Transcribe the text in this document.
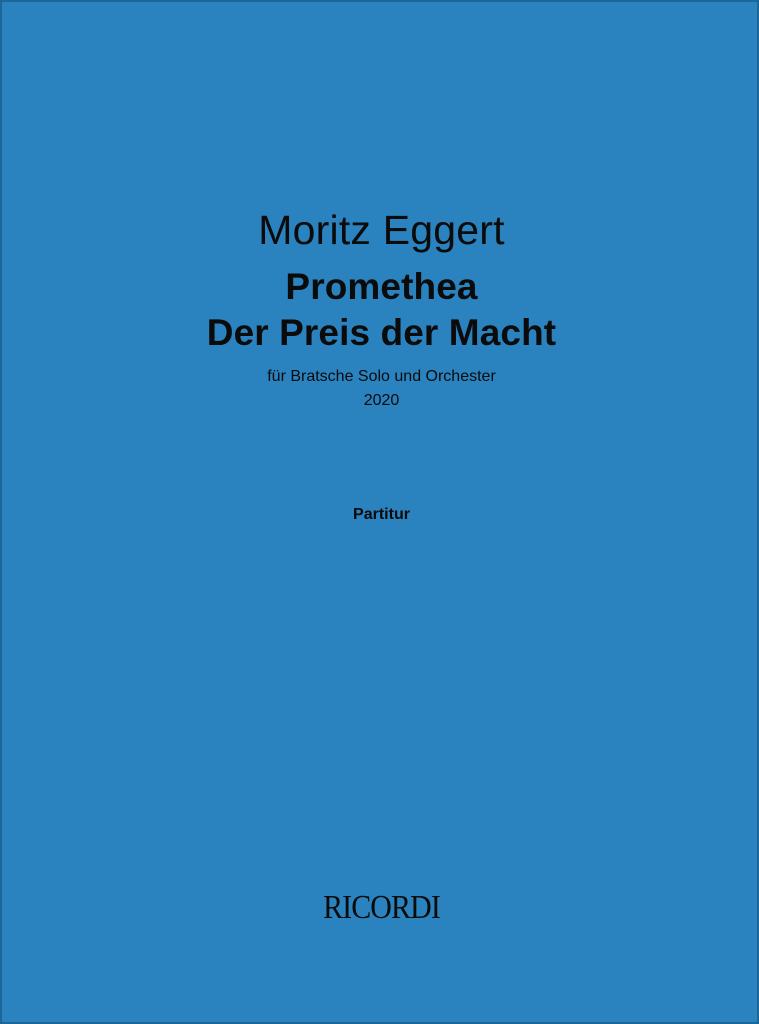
Moritz Eggert
Promethea
Der Preis der Macht
für Bratsche Solo und Orchester
2020
Partitur
RICORDI
